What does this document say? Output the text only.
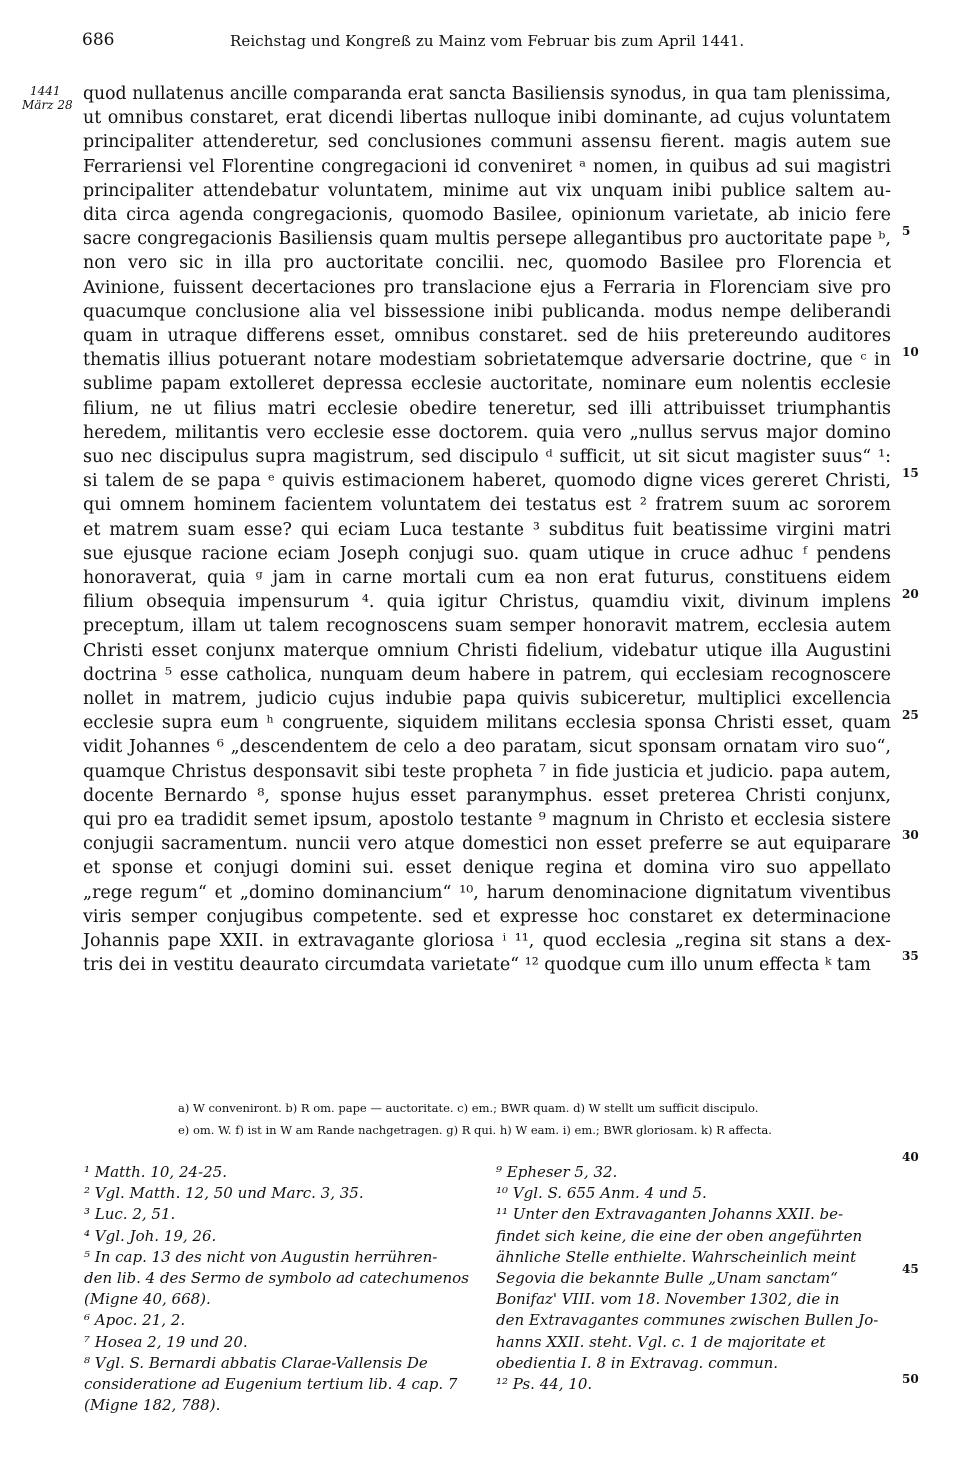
686	Reichstag und Kongreß zu Mainz vom Februar bis zum April 1441.
1441
März 28
quod nullatenus ancille comparanda erat sancta Basiliensis synodus, in qua tam plenissima,
ut omnibus constaret, erat dicendi libertas nulloque inibi dominante, ad cujus voluntatem
principaliter attenderetur, sed conclusiones communi assensu fierent. magis autem sue
Ferrariensi vel Florentine congregacioni id conveniret ᵃ nomen, in quibus ad sui magistri
principaliter attendebatur voluntatem, minime aut vix unquam inibi publice saltem au-
dita circa agenda congregacionis, quomodo Basilee, opinionum varietate, ab inicio fere
sacre congregacionis Basiliensis quam multis persepe allegantibus pro auctoritate pape ᵇ,
non vero sic in illa pro auctoritate concilii. nec, quomodo Basilee pro Florencia et
Avinione, fuissent decertaciones pro translacione ejus a Ferraria in Florenciam sive pro
quacumque conclusione alia vel bissessione inibi publicanda. modus nempe deliberandi
quam in utraque differens esset, omnibus constaret. sed de hiis pretereundo auditores
thematis illius potuerant notare modestiam sobrietatemque adversarie doctrine, que ᶜ in
sublime papam extolleret depressa ecclesie auctoritate, nominare eum nolentis ecclesie
filium, ne ut filius matri ecclesie obedire teneretur, sed illi attribuisset triumphantis
heredem, militantis vero ecclesie esse doctorem. quia vero „nullus servus major domino
suo nec discipulus supra magistrum, sed discipulo ᵈ sufficit, ut sit sicut magister suus“ ¹:
si talem de se papa ᵉ quivis estimacionem haberet, quomodo digne vices gereret Christi,
qui omnem hominem facientem voluntatem dei testatus est ² fratrem suum ac sororem
et matrem suam esse? qui eciam Luca testante ³ subditus fuit beatissime virgini matri
sue ejusque racione eciam Joseph conjugi suo. quam utique in cruce adhuc ᶠ pendens
honoraverat, quia ᵍ jam in carne mortali cum ea non erat futurus, constituens eidem
filium obsequia impensurum ⁴. quia igitur Christus, quamdiu vixit, divinum implens
preceptum, illam ut talem recognoscens suam semper honoravit matrem, ecclesia autem
Christi esset conjunx materque omnium Christi fidelium, videbatur utique illa Augustini
doctrina ⁵ esse catholica, nunquam deum habere in patrem, qui ecclesiam recognoscere
nollet in matrem, judicio cujus indubie papa quivis subiceretur, multiplici excellencia
ecclesie supra eum ʰ congruente, siquidem militans ecclesia sponsa Christi esset, quam
vidit Johannes ⁶ „descendentem de celo a deo paratam, sicut sponsam ornatam viro suo“,
quamque Christus desponsavit sibi teste propheta ⁷ in fide justicia et judicio. papa autem,
docente Bernardo ⁸, sponse hujus esset paranymphus. esset preterea Christi conjunx,
qui pro ea tradidit semet ipsum, apostolo testante ⁹ magnum in Christo et ecclesia sistere
conjugii sacramentum. nuncii vero atque domestici non esset preferre se aut equiparare
et sponse et conjugi domini sui. esset denique regina et domina viro suo appellato
„rege regum“ et „domino dominancium“ ¹⁰, harum denominacione dignitatum viventibus
viris semper conjugibus competente. sed et expresse hoc constaret ex determinacione
Johannis pape XXII. in extravagante gloriosa ⁱ ¹¹, quod ecclesia „regina sit stans a dex-
tris dei in vestitu deaurato circumdata varietate“ ¹² quodque cum illo unum effecta ᵏ tam
5
10
15
20
25
30
35
40
45
50
a) W conveniront. b) R om. pape — auctoritate. c) em.; BWR quam. d) W stellt um sufficit discipulo.
e) om. W. f) ist in W am Rande nachgetragen. g) R qui. h) W eam. i) em.; BWR gloriosam. k) R affecta.
¹ Matth. 10, 24-25.
² Vgl. Matth. 12, 50 und Marc. 3, 35.
³ Luc. 2, 51.
⁴ Vgl. Joh. 19, 26.
⁵ In cap. 13 des nicht von Augustin herrühren-
den lib. 4 des Sermo de symbolo ad catechumenos
(Migne 40, 668).
⁶ Apoc. 21, 2.
⁷ Hosea 2, 19 und 20.
⁸ Vgl. S. Bernardi abbatis Clarae-Vallensis De
consideratione ad Eugenium tertium lib. 4 cap. 7
(Migne 182, 788).
⁹ Epheser 5, 32.
¹⁰ Vgl. S. 655 Anm. 4 und 5.
¹¹ Unter den Extravaganten Johanns XXII. be-
findet sich keine, die eine der oben angeführten
ähnliche Stelle enthielte. Wahrscheinlich meint
Segovia die bekannte Bulle „Unam sanctam“
Bonifaz' VIII. vom 18. November 1302, die in
den Extravagantes communes zwischen Bullen Jo-
hanns XXII. steht. Vgl. c. 1 de majoritate et
obedientia I. 8 in Extravag. commun.
¹² Ps. 44, 10.
